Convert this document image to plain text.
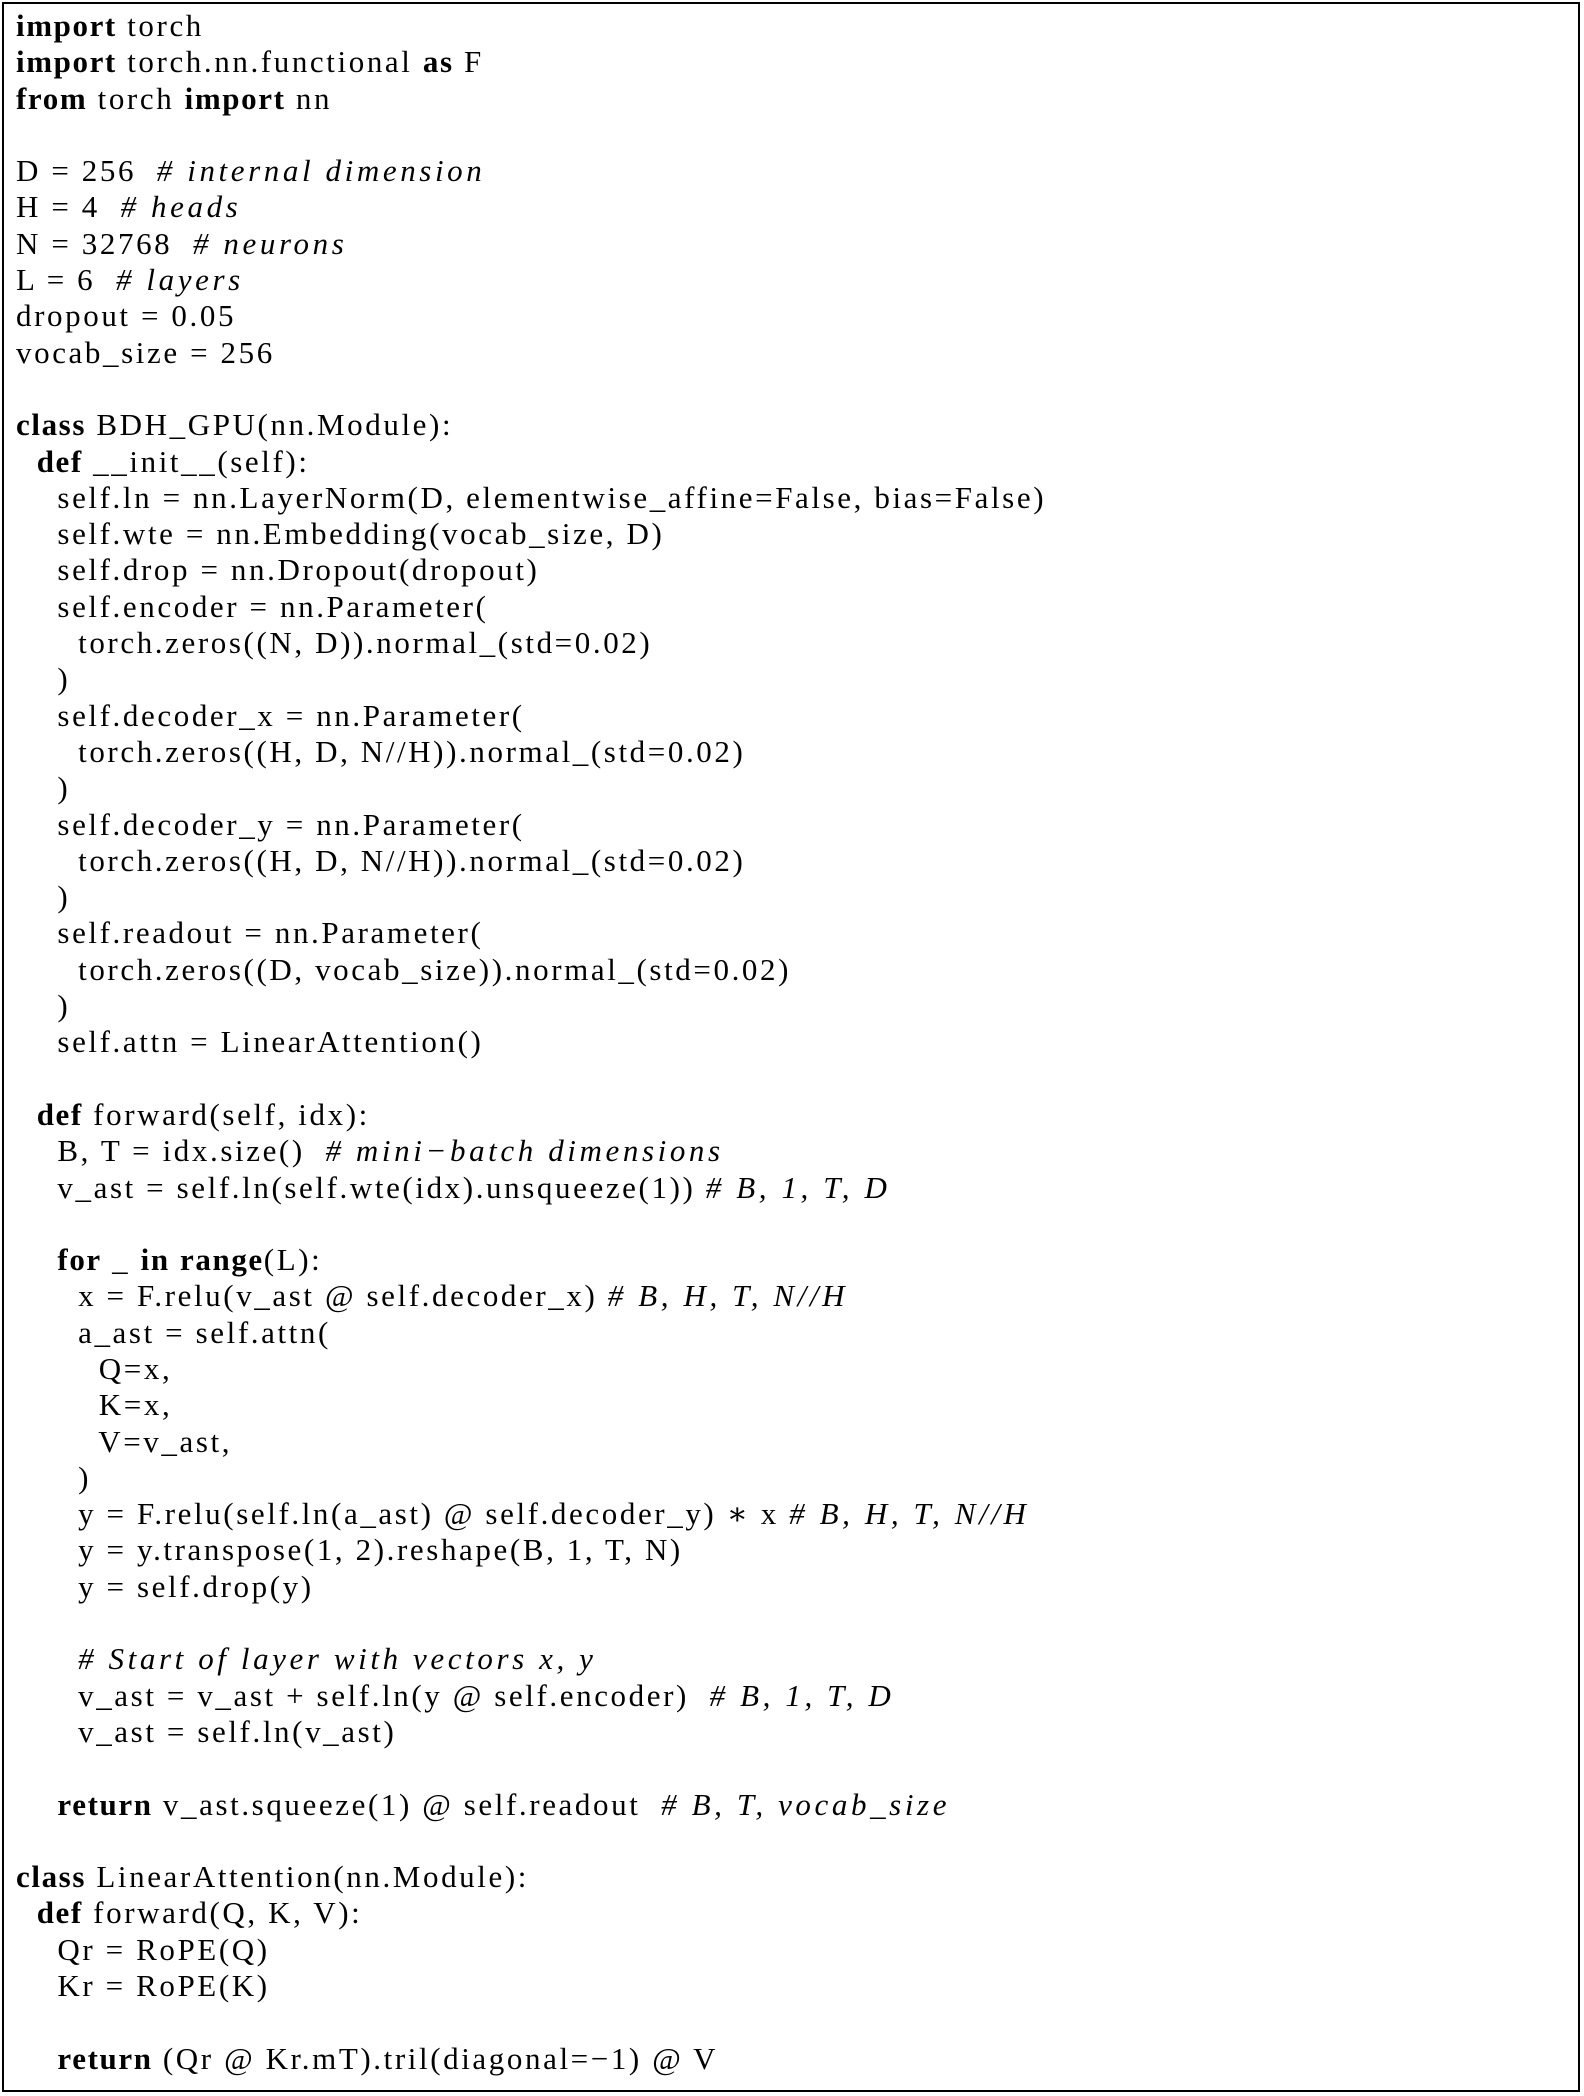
import torch
import torch.nn.functional as F
from torch import nn
D = 256  # internal dimension
H = 4  # heads
N = 32768  # neurons
L = 6  # layers
dropout = 0.05
vocab_size = 256
class BDH_GPU(nn.Module):
def __init__(self):
self.ln = nn.LayerNorm(D, elementwise_affine=False, bias=False)
self.wte = nn.Embedding(vocab_size, D)
self.drop = nn.Dropout(dropout)
self.encoder = nn.Parameter(
torch.zeros((N, D)).normal_(std=0.02)
)
self.decoder_x = nn.Parameter(
torch.zeros((H, D, N//H)).normal_(std=0.02)
)
self.decoder_y = nn.Parameter(
torch.zeros((H, D, N//H)).normal_(std=0.02)
)
self.readout = nn.Parameter(
torch.zeros((D, vocab_size)).normal_(std=0.02)
)
self.attn = LinearAttention()
def forward(self, idx):
B, T = idx.size()  # mini−batch dimensions
v_ast = self.ln(self.wte(idx).unsqueeze(1)) # B, 1, T, D
for _ in range(L):
x = F.relu(v_ast @ self.decoder_x) # B, H, T, N//H
a_ast = self.attn(
Q=x,
K=x,
V=v_ast,
)
y = F.relu(self.ln(a_ast) @ self.decoder_y) ∗ x # B, H, T, N//H
y = y.transpose(1, 2).reshape(B, 1, T, N)
y = self.drop(y)
# Start of layer with vectors x, y
v_ast = v_ast + self.ln(y @ self.encoder)  # B, 1, T, D
v_ast = self.ln(v_ast)
return v_ast.squeeze(1) @ self.readout  # B, T, vocab_size
class LinearAttention(nn.Module):
def forward(Q, K, V):
Qr = RoPE(Q)
Kr = RoPE(K)
return (Qr @ Kr.mT).tril(diagonal=−1) @ V
